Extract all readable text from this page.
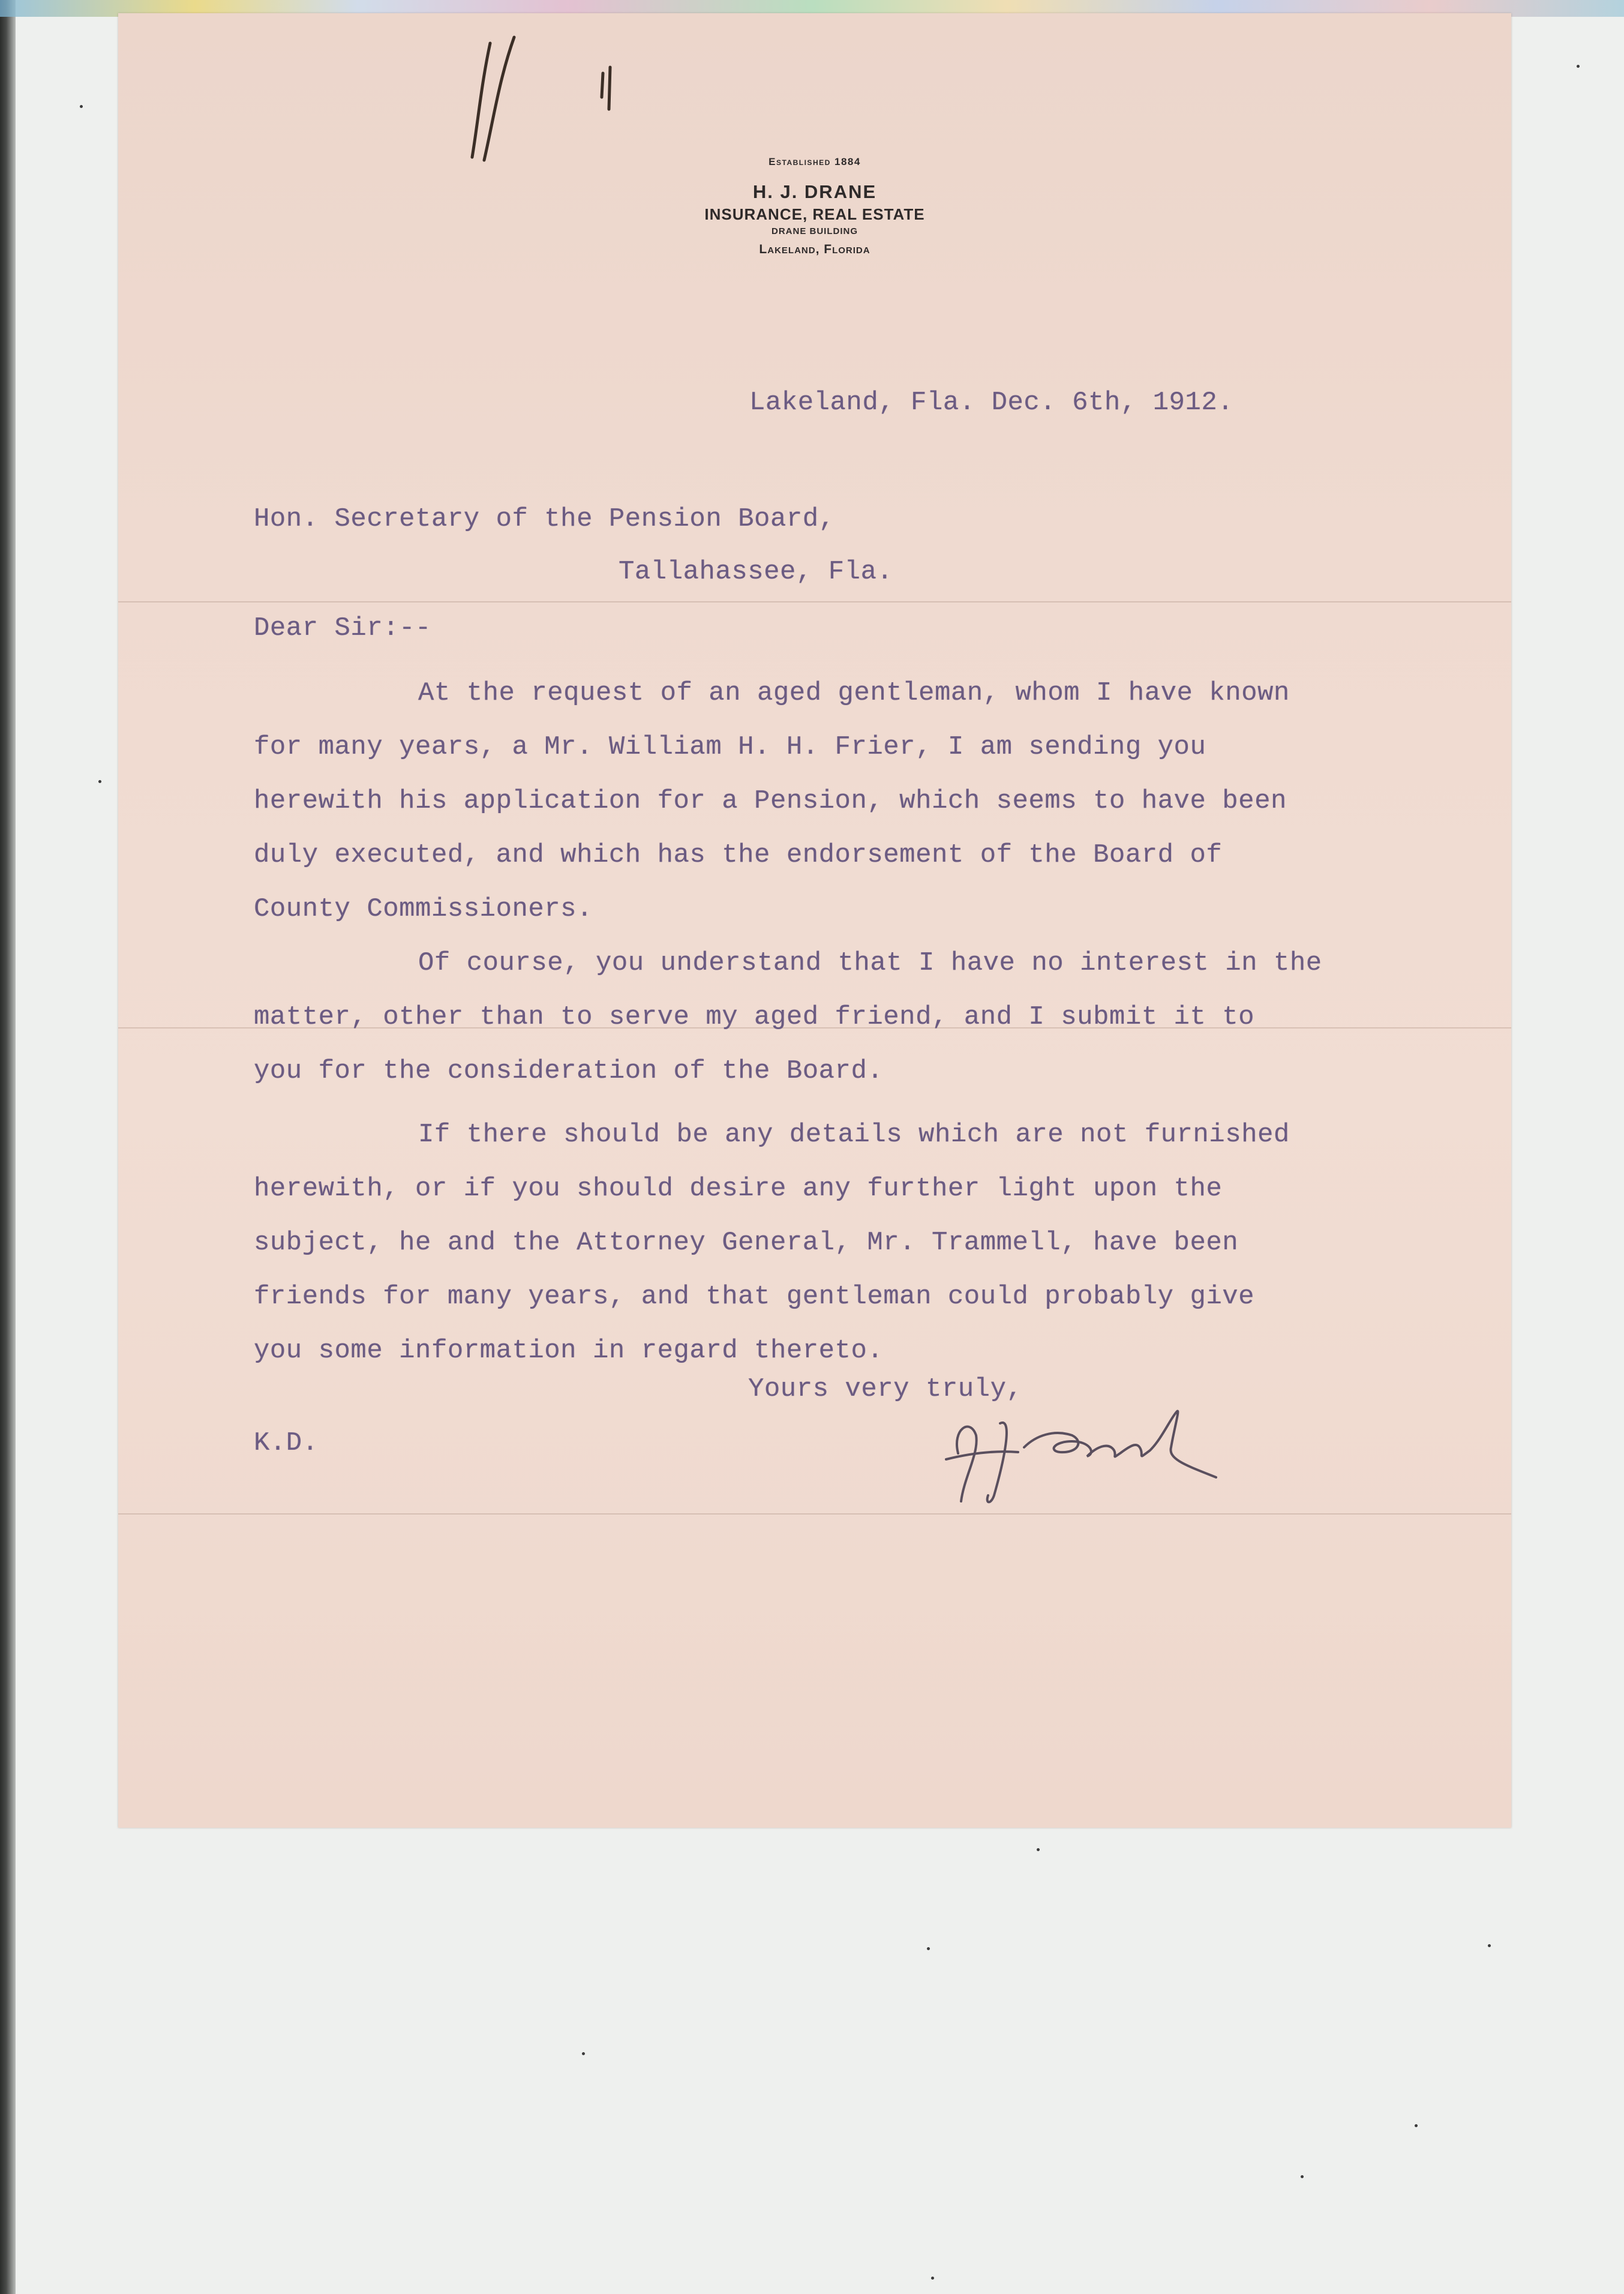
Established 1884
H. J. DRANE
INSURANCE, REAL ESTATE
DRANE BUILDING
Lakeland, Florida
Lakeland, Fla. Dec. 6th, 1912.
Hon. Secretary of the Pension Board,
Tallahassee, Fla.
Dear Sir:--
At the request of an aged gentleman, whom I have known
for many years, a Mr. William H. H. Frier, I am sending you
herewith his application for a Pension, which seems to have been
duly executed, and which has the endorsement of the Board of
County Commissioners.
Of course, you understand that I have no interest in the
matter, other than to serve my aged friend, and I submit it to
you for the consideration of the Board.
If there should be any details which are not furnished
herewith, or if you should desire any further light upon the
subject, he and the Attorney General, Mr. Trammell, have been
friends for many years, and that gentleman could probably give
you some information in regard thereto.
Yours very truly,
K.D.
